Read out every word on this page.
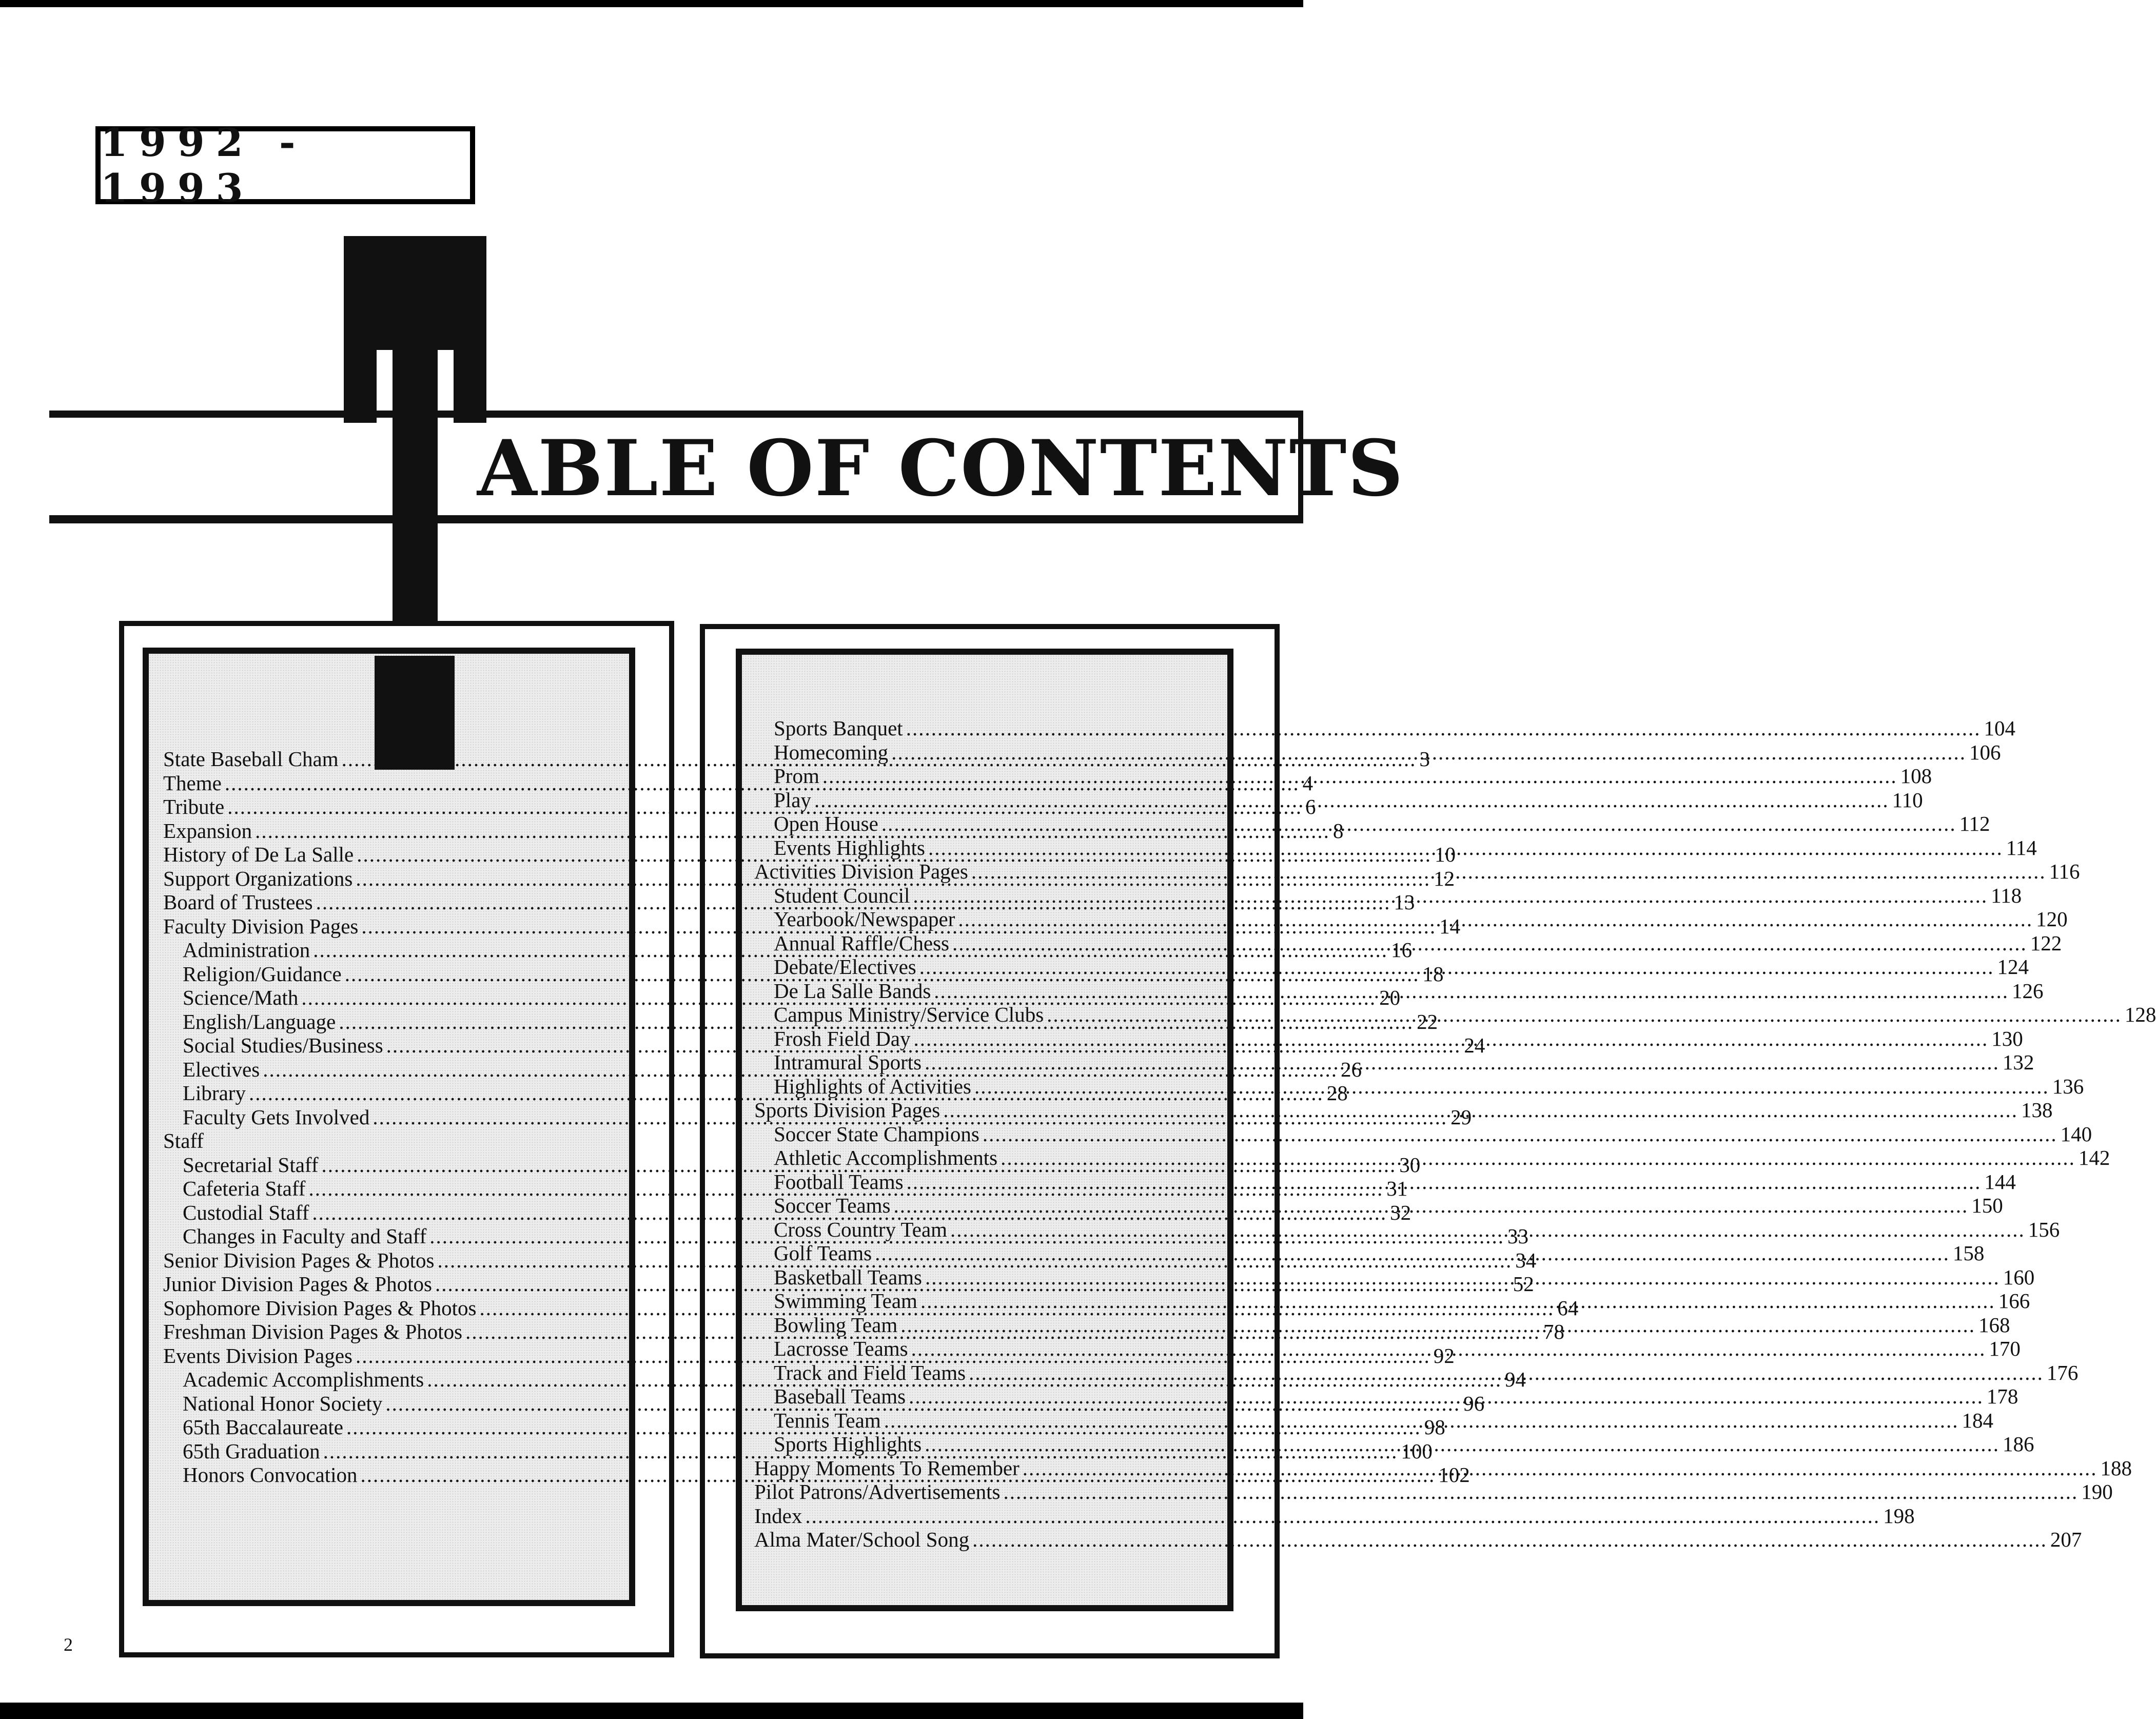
1992 - 1993
ABLE OF CONTENTS
State Baseball Cham .....	3
Theme .....	4
Tribute .....	6
Expansion .....	8
History of De La Salle .....	10
Support Organizations .....	12
Board of Trustees .....	13
Faculty Division Pages .....	14
Administration .....	16
Religion/Guidance .....	18
Science/Math .....	20
English/Language .....	22
Social Studies/Business .....	24
Electives .....	26
Library .....	28
Faculty Gets Involved .....	29
Staff
Secretarial Staff .....	30
Cafeteria Staff .....	31
Custodial Staff .....	32
Changes in Faculty and Staff .....	33
Senior Division Pages & Photos .....	34
Junior Division Pages & Photos .....	52
Sophomore Division Pages & Photos .....	64
Freshman Division Pages & Photos .....	78
Events Division Pages .....	92
Academic Accomplishments .....	94
National Honor Society .....	96
65th Baccalaureate .....	98
65th Graduation .....	100
Honors Convocation .....	102
Sports Banquet .....	104
Homecoming .....	106
Prom .....	108
Play .....	110
Open House .....	112
Events Highlights .....	114
Activities Division Pages .....	116
Student Council .....	118
Yearbook/Newspaper .....	120
Annual Raffle/Chess .....	122
Debate/Electives .....	124
De La Salle Bands .....	126
Campus Ministry/Service Clubs .....	128
Frosh Field Day .....	130
Intramural Sports .....	132
Highlights of Activities .....	136
Sports Division Pages .....	138
Soccer State Champions .....	140
Athletic Accomplishments .....	142
Football Teams .....	144
Soccer Teams .....	150
Cross Country Team .....	156
Golf Teams .....	158
Basketball Teams .....	160
Swimming Team .....	166
Bowling Team .....	168
Lacrosse Teams .....	170
Track and Field Teams .....	176
Baseball Teams .....	178
Tennis Team .....	184
Sports Highlights .....	186
Happy Moments To Remember .....	188
Pilot Patrons/Advertisements .....	190
Index .....	198
Alma Mater/School Song .....	207
2
